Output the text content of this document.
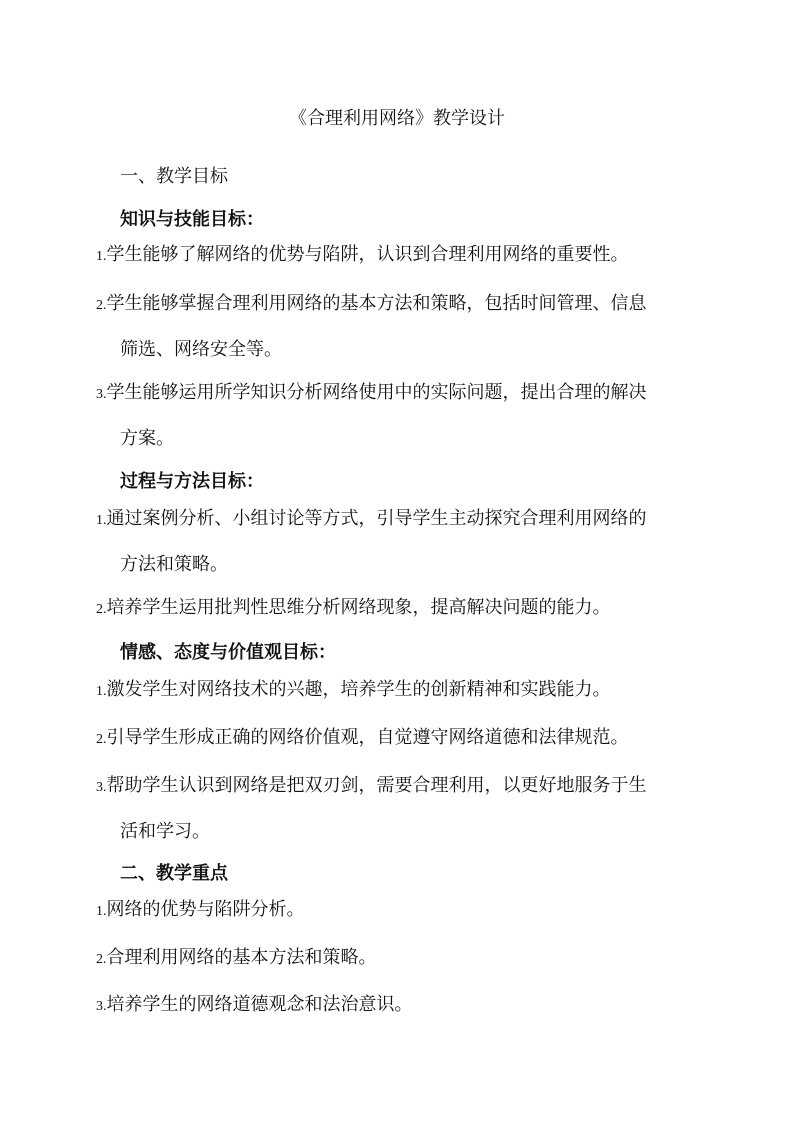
《合理利用网络》教学设计
一、教学目标
知识与技能目标：
1.学生能够了解网络的优势与陷阱，认识到合理利用网络的重要性。
2.学生能够掌握合理利用网络的基本方法和策略，包括时间管理、信息
筛选、网络安全等。
3.学生能够运用所学知识分析网络使用中的实际问题，提出合理的解决
方案。
过程与方法目标：
1.通过案例分析、小组讨论等方式，引导学生主动探究合理利用网络的
方法和策略。
2.培养学生运用批判性思维分析网络现象，提高解决问题的能力。
情感、态度与价值观目标：
1.激发学生对网络技术的兴趣，培养学生的创新精神和实践能力。
2.引导学生形成正确的网络价值观，自觉遵守网络道德和法律规范。
3.帮助学生认识到网络是把双刃剑，需要合理利用，以更好地服务于生
活和学习。
二、教学重点
1.网络的优势与陷阱分析。
2.合理利用网络的基本方法和策略。
3.培养学生的网络道德观念和法治意识。
